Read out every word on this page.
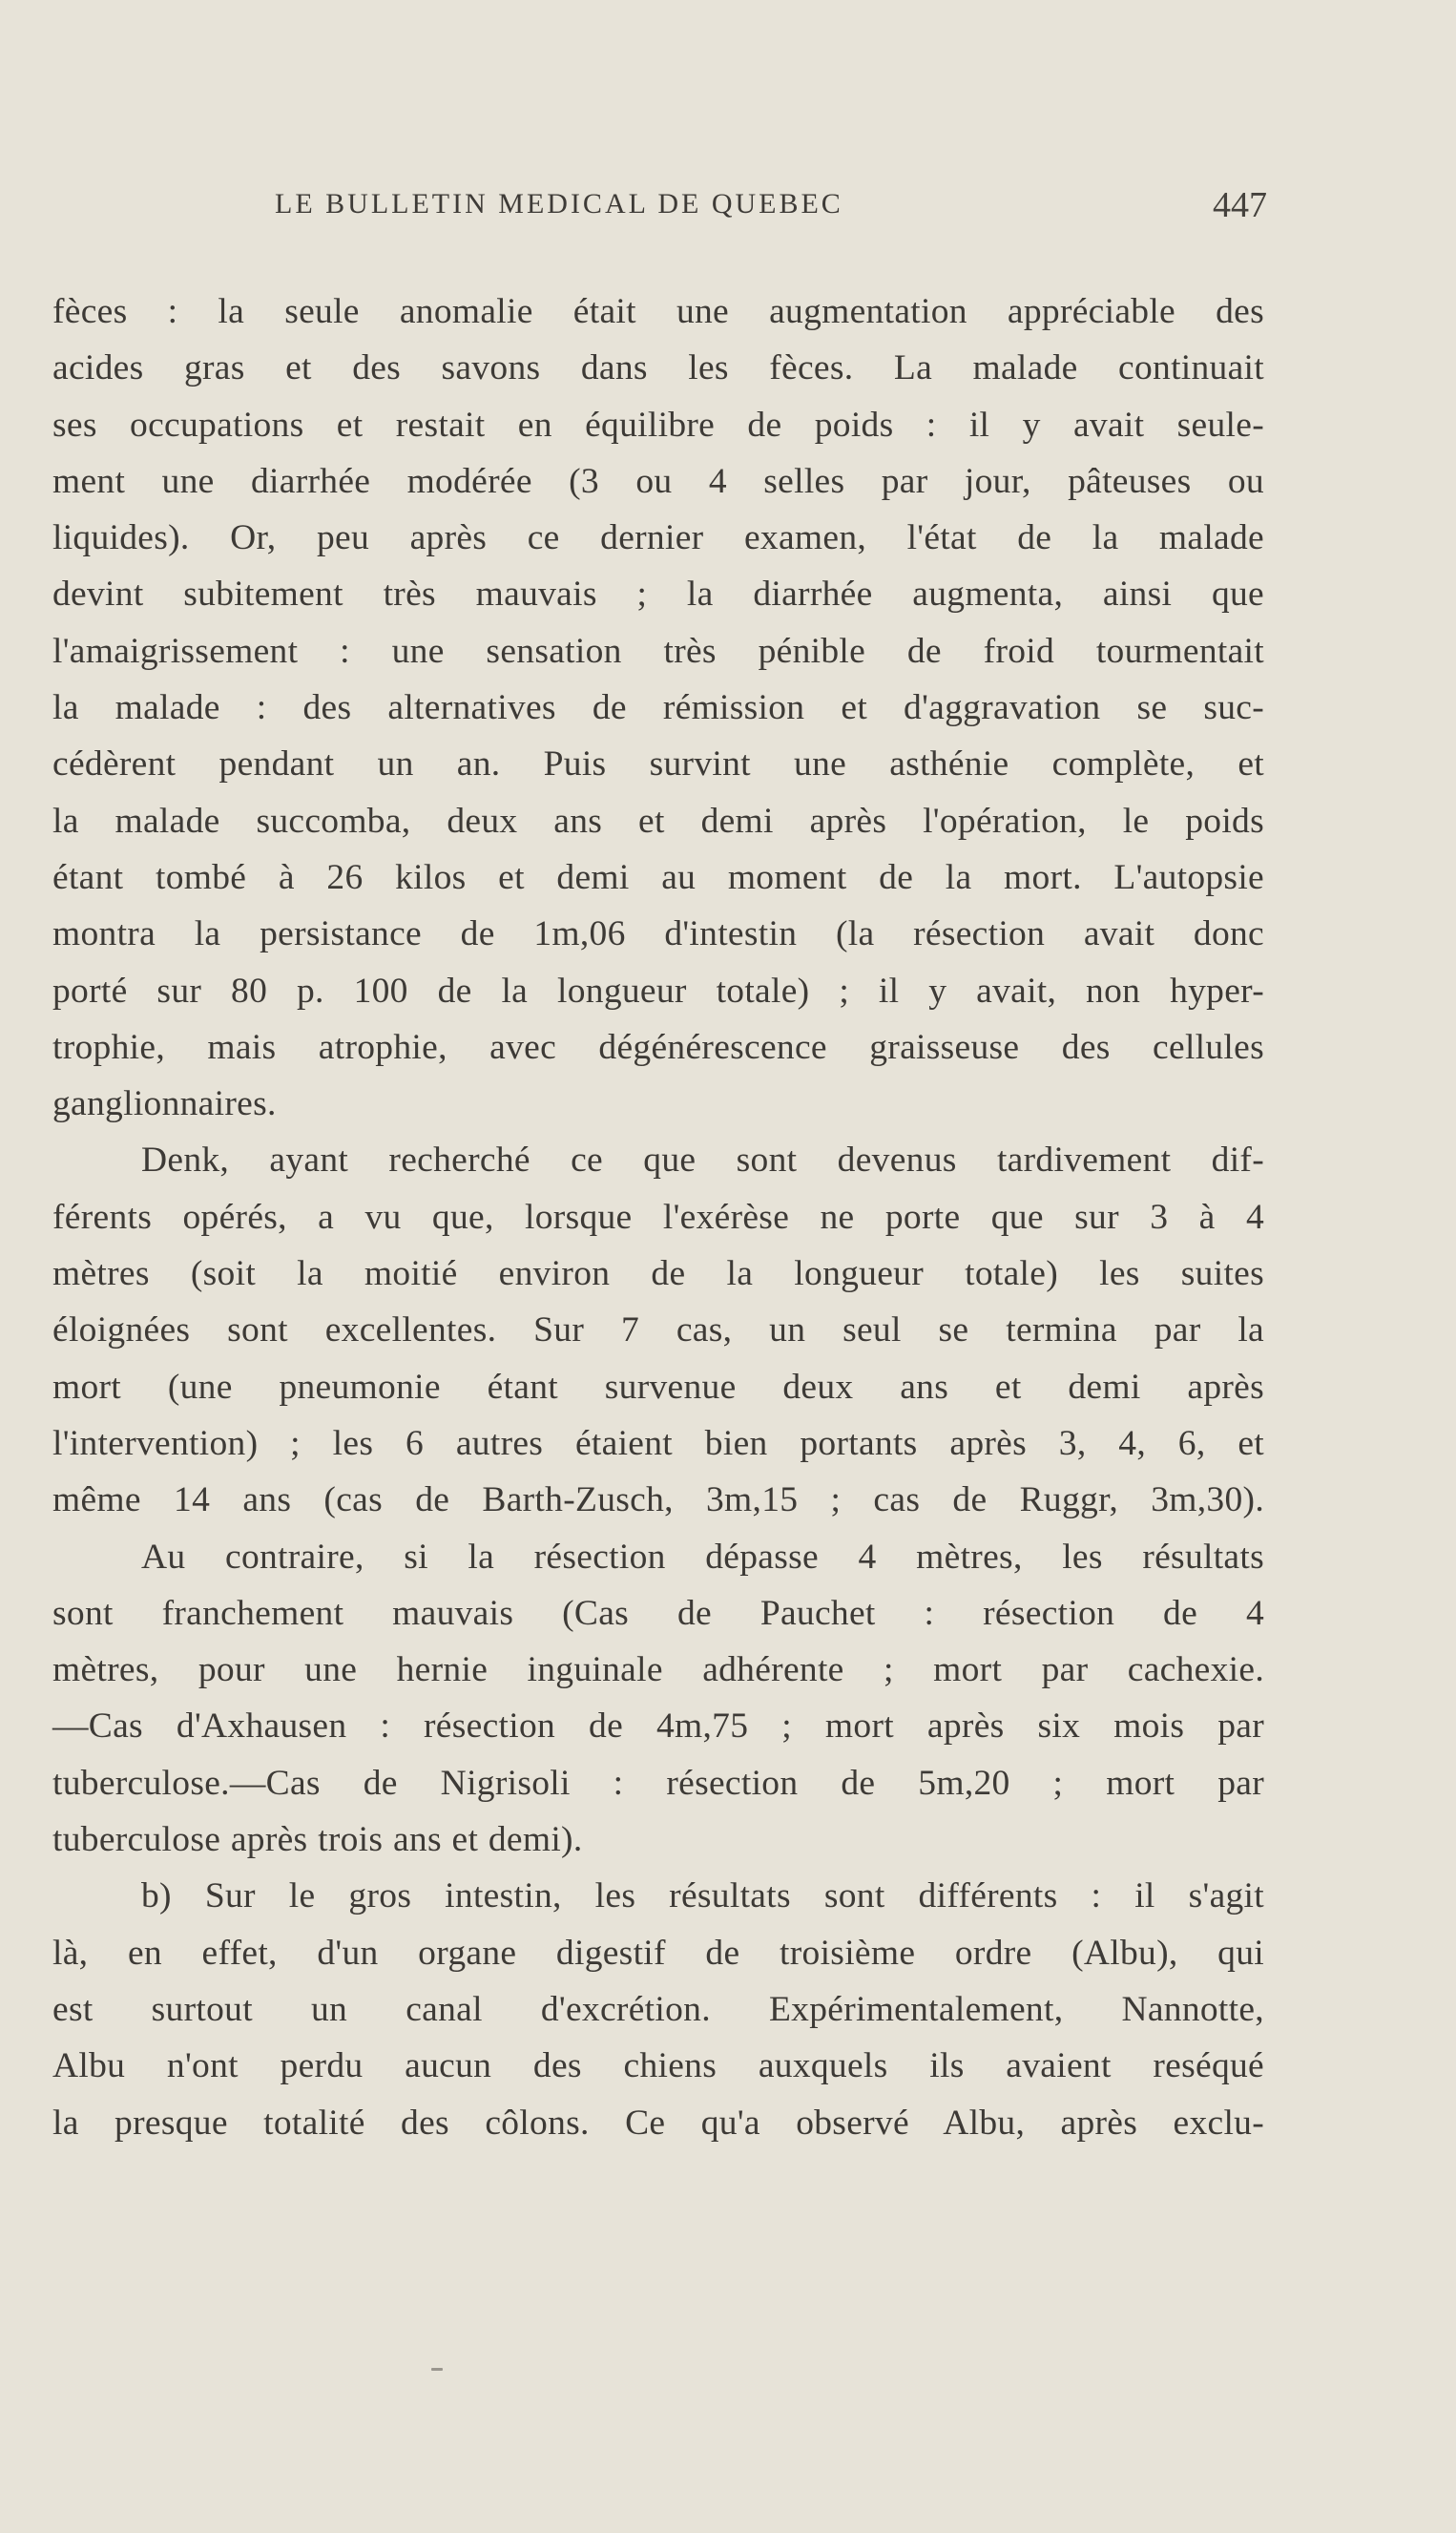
LE BULLETIN MEDICAL DE QUEBEC	447
fèces : la seule anomalie était une augmentation appréciable des
acides gras et des savons dans les fèces. La malade continuait
ses occupations et restait en équilibre de poids : il y avait seule-
ment une diarrhée modérée (3 ou 4 selles par jour, pâteuses ou
liquides). Or, peu après ce dernier examen, l'état de la malade
devint subitement très mauvais ; la diarrhée augmenta, ainsi que
l'amaigrissement : une sensation très pénible de froid tourmentait
la malade : des alternatives de rémission et d'aggravation se suc-
cédèrent pendant un an. Puis survint une asthénie complète, et
la malade succomba, deux ans et demi après l'opération, le poids
étant tombé à 26 kilos et demi au moment de la mort. L'autopsie
montra la persistance de 1m,06 d'intestin (la résection avait donc
porté sur 80 p. 100 de la longueur totale) ; il y avait, non hyper-
trophie, mais atrophie, avec dégénérescence graisseuse des cellules
ganglionnaires.
Denk, ayant recherché ce que sont devenus tardivement dif-
férents opérés, a vu que, lorsque l'exérèse ne porte que sur 3 à 4
mètres (soit la moitié environ de la longueur totale) les suites
éloignées sont excellentes. Sur 7 cas, un seul se termina par la
mort (une pneumonie étant survenue deux ans et demi après
l'intervention) ; les 6 autres étaient bien portants après 3, 4, 6, et
même 14 ans (cas de Barth-Zusch, 3m,15 ; cas de Ruggr, 3m,30).
Au contraire, si la résection dépasse 4 mètres, les résultats
sont franchement mauvais (Cas de Pauchet : résection de 4
mètres, pour une hernie inguinale adhérente ; mort par cachexie.
—Cas d'Axhausen : résection de 4m,75 ; mort après six mois par
tuberculose.—Cas de Nigrisoli : résection de 5m,20 ; mort par
tuberculose après trois ans et demi).
b) Sur le gros intestin, les résultats sont différents : il s'agit
là, en effet, d'un organe digestif de troisième ordre (Albu), qui
est surtout un canal d'excrétion. Expérimentalement, Nannotte,
Albu n'ont perdu aucun des chiens auxquels ils avaient reséqué
la presque totalité des côlons. Ce qu'a observé Albu, après exclu-
